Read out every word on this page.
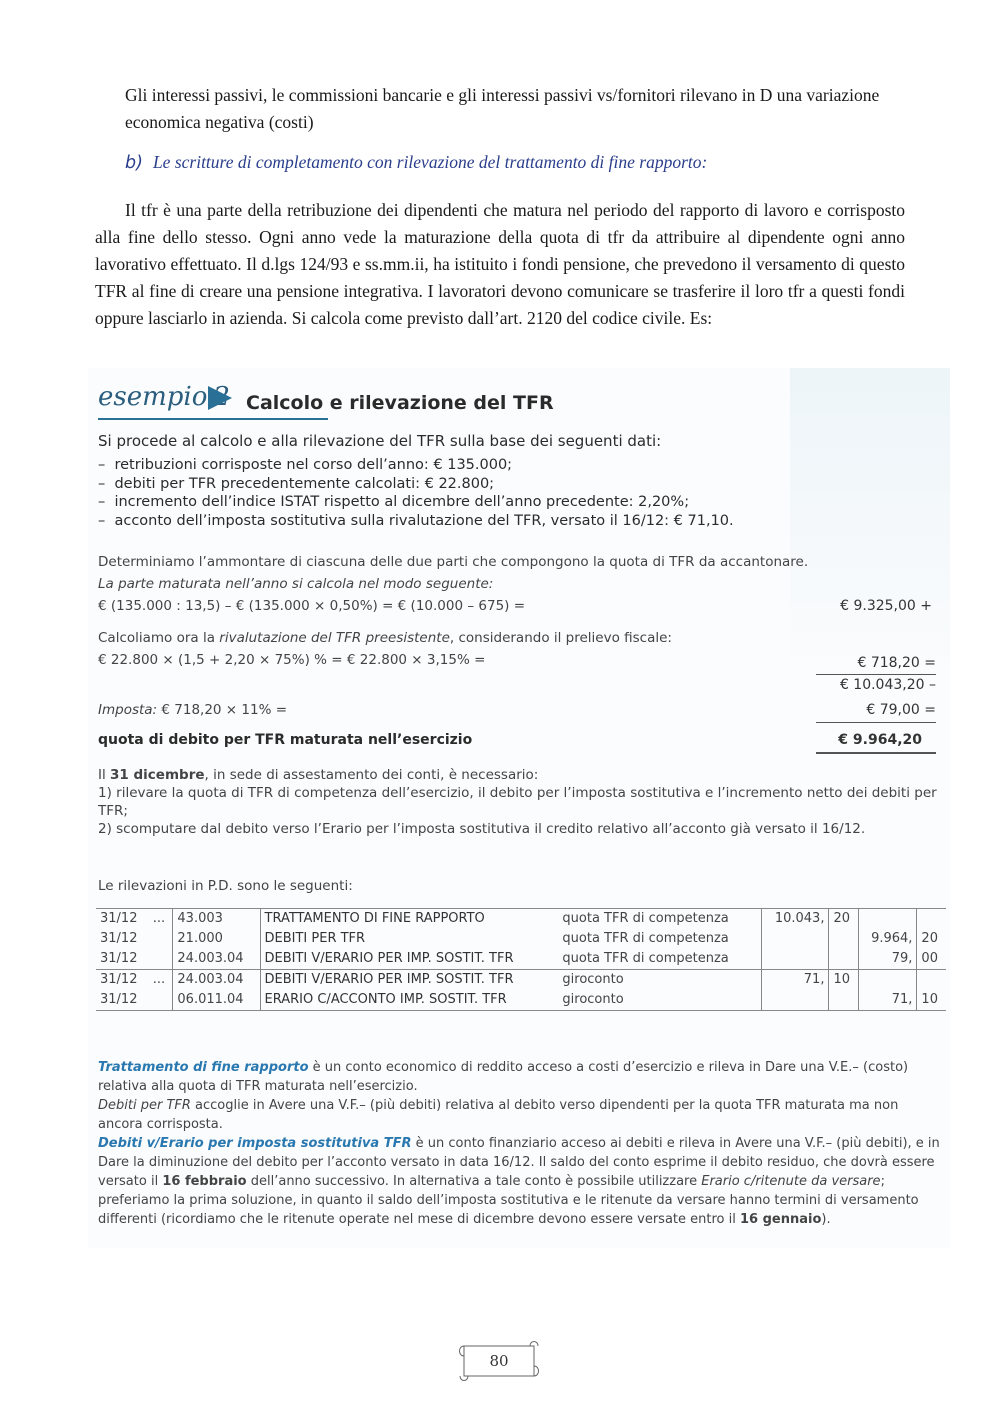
Gli interessi passivi, le commissioni bancarie e gli interessi passivi vs/fornitori rilevano in D una variazione economica negativa (costi)
b) Le scritture di completamento con rilevazione del trattamento di fine rapporto:
Il tfr è una parte della retribuzione dei dipendenti che matura nel periodo del rapporto di lavoro e corrisposto alla fine dello stesso. Ogni anno vede la maturazione della quota di tfr da attribuire al dipendente ogni anno lavorativo effettuato. Il d.lgs 124/93 e ss.mm.ii, ha istituito i fondi pensione, che prevedono il versamento di questo TFR al fine di creare una pensione integrativa. I lavoratori devono comunicare se trasferire il loro tfr a questi fondi oppure lasciarlo in azienda. Si calcola come previsto dall’art. 2120 del codice civile. Es:
esempio 2 Calcolo e rilevazione del TFR
Si procede al calcolo e alla rilevazione del TFR sulla base dei seguenti dati:
–  retribuzioni corrisposte nel corso dell’anno: € 135.000;
–  debiti per TFR precedentemente calcolati: € 22.800;
–  incremento dell’indice ISTAT rispetto al dicembre dell’anno precedente: 2,20%;
–  acconto dell’imposta sostitutiva sulla rivalutazione del TFR, versato il 16/12: € 71,10.
Determiniamo l’ammontare di ciascuna delle due parti che compongono la quota di TFR da accantonare.
La parte maturata nell’anno si calcola nel modo seguente:
€ (135.000 : 13,5) – € (135.000 × 0,50%) = € (10.000 – 675) =	€ 9.325,00 +
Calcoliamo ora la rivalutazione del TFR preesistente, considerando il prelievo fiscale:
€ 22.800 × (1,5 + 2,20 × 75%) % = € 22.800 × 3,15% =	€ 718,20 =
€ 10.043,20 –
Imposta: € 718,20 × 11% =	€ 79,00 =
quota di debito per TFR maturata nell’esercizio	€ 9.964,20
Il 31 dicembre, in sede di assestamento dei conti, è necessario:
1) rilevare la quota di TFR di competenza dell’esercizio, il debito per l’imposta sostitutiva e l’incremento netto dei debiti per TFR;
2) scomputare dal debito verso l’Erario per l’imposta sostitutiva il credito relativo all’acconto già versato il 16/12.
Le rilevazioni in P.D. sono le seguenti:
31/12	...	43.003	TRATTAMENTO DI FINE RAPPORTO	quota TFR di competenza	10.043,	20		
31/12		21.000	DEBITI PER TFR	quota TFR di competenza			9.964,	20
31/12		24.003.04	DEBITI V/ERARIO PER IMP. SOSTIT. TFR	quota TFR di competenza			79,	00
31/12	...	24.003.04	DEBITI V/ERARIO PER IMP. SOSTIT. TFR	giroconto	71,	10		
31/12		06.011.04	ERARIO C/ACCONTO IMP. SOSTIT. TFR	giroconto			71,	10
Trattamento di fine rapporto è un conto economico di reddito acceso a costi d’esercizio e rileva in Dare una V.E.– (costo) relativa alla quota di TFR maturata nell’esercizio.
Debiti per TFR accoglie in Avere una V.F.– (più debiti) relativa al debito verso dipendenti per la quota TFR maturata ma non ancora corrisposta.
Debiti v/Erario per imposta sostitutiva TFR è un conto finanziario acceso ai debiti e rileva in Avere una V.F.– (più debiti), e in Dare la diminuzione del debito per l’acconto versato in data 16/12. Il saldo del conto esprime il debito residuo, che dovrà essere versato il 16 febbraio dell’anno successivo. In alternativa a tale conto è possibile utilizzare Erario c/ritenute da versare; preferiamo la prima soluzione, in quanto il saldo dell’imposta sostitutiva e le ritenute da versare hanno termini di versamento differenti (ricordiamo che le ritenute operate nel mese di dicembre devono essere versate entro il 16 gennaio).
80
